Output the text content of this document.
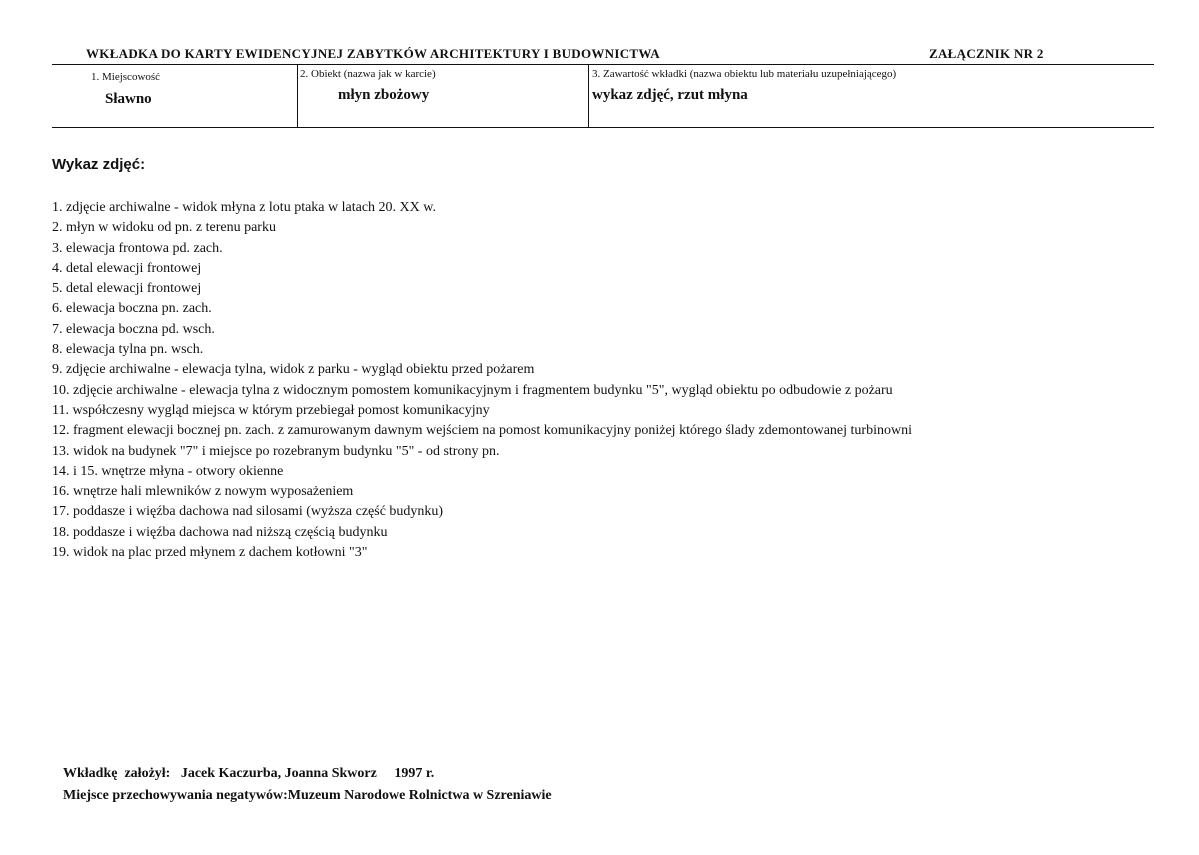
WKŁADKA DO KARTY EWIDENCYJNEJ ZABYTKÓW ARCHITEKTURY I BUDOWNICTWA	ZAŁĄCZNIK NR 2
1. Miejscowość
Sławno
2. Obiekt (nazwa jak w karcie)
młyn zbożowy
3. Zawartość wkładki (nazwa obiektu lub materiału uzupełniającego)
wykaz zdjęć, rzut młyna
Wykaz zdjęć:
1. zdjęcie archiwalne - widok młyna z lotu ptaka w latach 20. XX w.
2. młyn w widoku od pn. z terenu parku
3. elewacja frontowa pd. zach.
4. detal elewacji frontowej
5. detal elewacji frontowej
6. elewacja boczna pn. zach.
7. elewacja boczna pd. wsch.
8. elewacja tylna pn. wsch.
9. zdjęcie archiwalne - elewacja tylna, widok z parku - wygląd obiektu przed pożarem
10. zdjęcie archiwalne - elewacja tylna z widocznym pomostem komunikacyjnym i fragmentem budynku "5", wygląd obiektu po odbudowie z pożaru
11. współczesny wygląd miejsca w którym przebiegał pomost komunikacyjny
12. fragment elewacji bocznej pn. zach. z zamurowanym dawnym wejściem na pomost komunikacyjny poniżej którego ślady zdemontowanej turbinowni
13. widok na budynek "7" i miejsce po rozebranym budynku "5" - od strony pn.
14. i 15. wnętrze młyna - otwory okienne
16. wnętrze hali mlewników z nowym wyposażeniem
17. poddasze i więźba dachowa nad silosami (wyższa część budynku)
18. poddasze i więźba dachowa nad niższą częścią budynku
19. widok na plac przed młynem z dachem kotłowni "3"
Wkładkę  założył:   Jacek Kaczurba, Joanna Skworz     1997 r.
Miejsce przechowywania negatywów:Muzeum Narodowe Rolnictwa w Szreniawie
